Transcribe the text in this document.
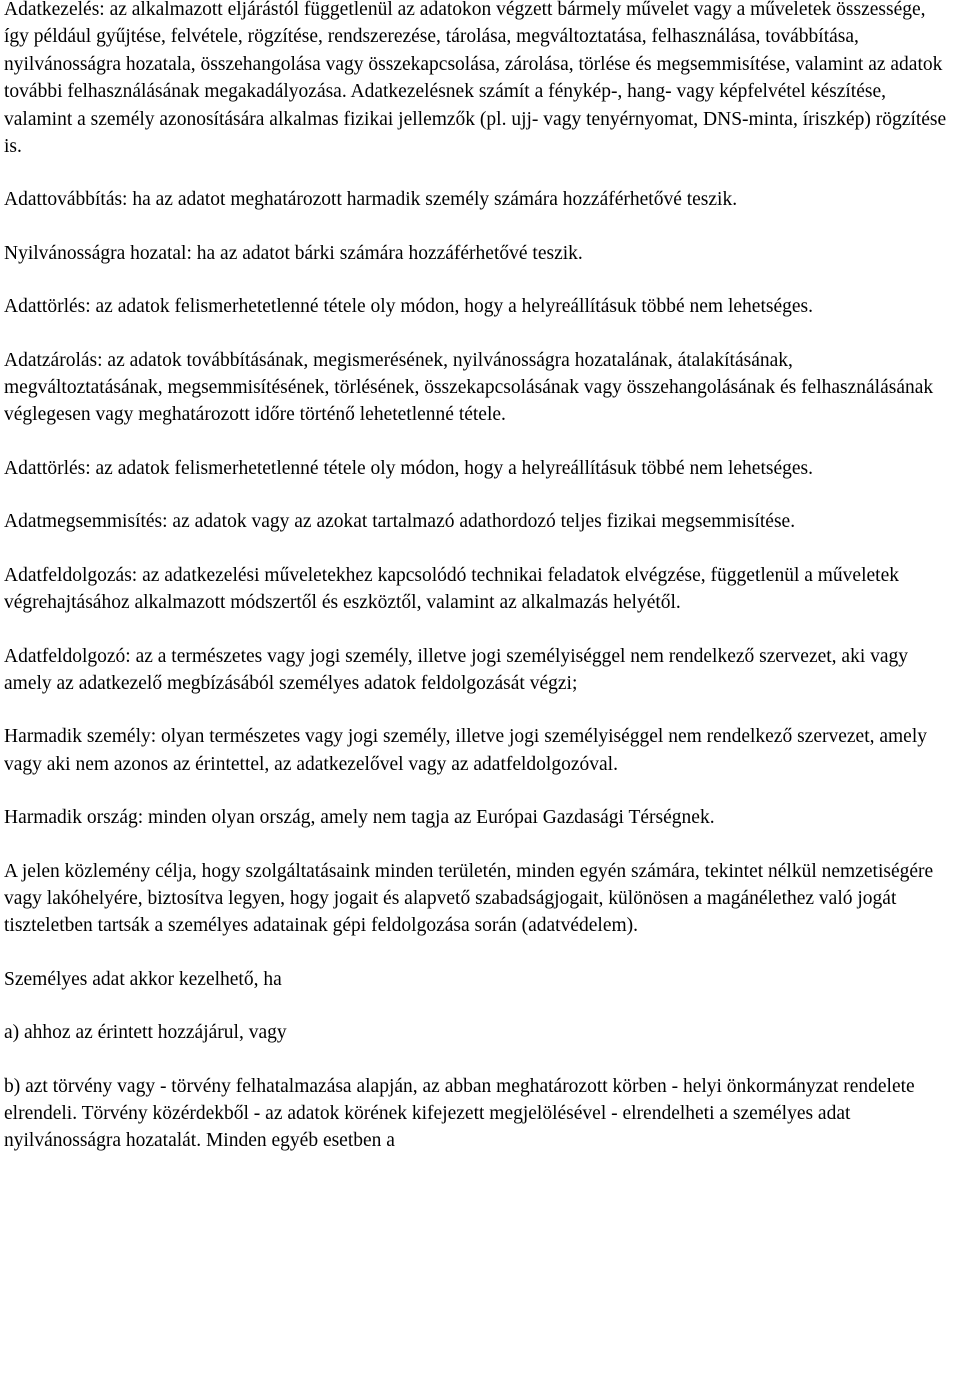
Adatkezelés: az alkalmazott eljárástól függetlenül az adatokon végzett bármely művelet vagy a műveletek összessége, így például gyűjtése, felvétele, rögzítése, rendszerezése, tárolása, megváltoztatása, felhasználása, továbbítása, nyilvánosságra hozatala, összehangolása vagy összekapcsolása, zárolása, törlése és megsemmisítése, valamint az adatok további felhasználásának megakadályozása. Adatkezelésnek számít a fénykép-, hang- vagy képfelvétel készítése, valamint a személy azonosítására alkalmas fizikai jellemzők (pl. ujj- vagy tenyérnyomat, DNS-minta, íriszkép) rögzítése is.

Adattovábbítás: ha az adatot meghatározott harmadik személy számára hozzáférhetővé teszik.

Nyilvánosságra hozatal: ha az adatot bárki számára hozzáférhetővé teszik.

Adattörlés: az adatok felismerhetetlenné tétele oly módon, hogy a helyreállításuk többé nem lehetséges.

Adatzárolás: az adatok továbbításának, megismerésének, nyilvánosságra hozatalának, átalakításának, megváltoztatásának, megsemmisítésének, törlésének, összekapcsolásának vagy összehangolásának és felhasználásának véglegesen vagy meghatározott időre történő lehetetlenné tétele.

Adattörlés: az adatok felismerhetetlenné tétele oly módon, hogy a helyreállításuk többé nem lehetséges.

Adatmegsemmisítés: az adatok vagy az azokat tartalmazó adathordozó teljes fizikai megsemmisítése.

Adatfeldolgozás: az adatkezelési műveletekhez kapcsolódó technikai feladatok elvégzése, függetlenül a műveletek végrehajtásához alkalmazott módszertől és eszköztől, valamint az alkalmazás helyétől.

Adatfeldolgozó: az a természetes vagy jogi személy, illetve jogi személyiséggel nem rendelkező szervezet, aki vagy amely az adatkezelő megbízásából személyes adatok feldolgozását végzi;

Harmadik személy: olyan természetes vagy jogi személy, illetve jogi személyiséggel nem rendelkező szervezet, amely vagy aki nem azonos az érintettel, az adatkezelővel vagy az adatfeldolgozóval.

Harmadik ország: minden olyan ország, amely nem tagja az Európai Gazdasági Térségnek.

A jelen közlemény célja, hogy szolgáltatásaink minden területén, minden egyén számára, tekintet nélkül nemzetiségére vagy lakóhelyére, biztosítva legyen, hogy jogait és alapvető szabadságjogait, különösen a magánélethez való jogát tiszteletben tartsák a személyes adatainak gépi feldolgozása során (adatvédelem).

Személyes adat akkor kezelhető, ha

a) ahhoz az érintett hozzájárul, vagy

b) azt törvény vagy - törvény felhatalmazása alapján, az abban meghatározott körben - helyi önkormányzat rendelete elrendeli. Törvény közérdekből - az adatok körének kifejezett megjelölésével - elrendelheti a személyes adat nyilvánosságra hozatalát. Minden egyéb esetben a
